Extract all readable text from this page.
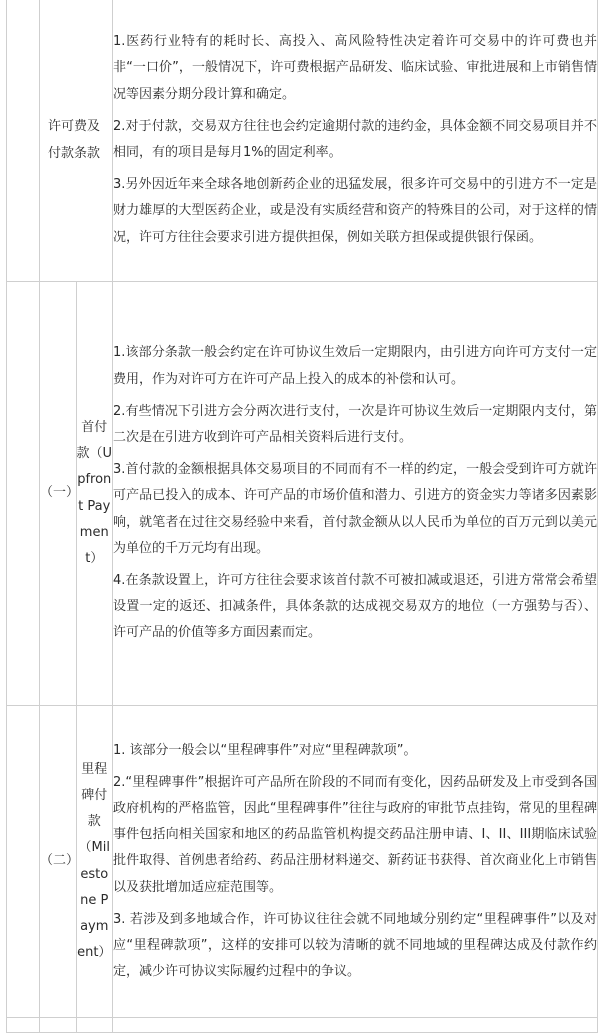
	许可费及付款条款		1.医药行业特有的耗时长、高投入、高风险特性决定着许可交易中的许可费也并非“一口价”，一般情况下，许可费根据产品研发、临床试验、审批进展和上市销售情况等因素分期分段计算和确定。
2.对于付款，交易双方往往也会约定逾期付款的违约金，具体金额不同交易项目并不相同，有的项目是每月1%的固定利率。
3.另外因近年来全球各地创新药企业的迅猛发展，很多许可交易中的引进方不一定是财力雄厚的大型医药企业，或是没有实质经营和资产的特殊目的公司，对于这样的情况，许可方往往会要求引进方提供担保，例如关联方担保或提供银行保函。

	（一）	首付款（Upfront Payment）	1.该部分条款一般会约定在许可协议生效后一定期限内，由引进方向许可方支付一定费用，作为对许可方在许可产品上投入的成本的补偿和认可。
2.有些情况下引进方会分两次进行支付，一次是许可协议生效后一定期限内支付，第二次是在引进方收到许可产品相关资料后进行支付。
3.首付款的金额根据具体交易项目的不同而有不一样的约定，一般会受到许可方就许可产品已投入的成本、许可产品的市场价值和潜力、引进方的资金实力等诸多因素影响，就笔者在过往交易经验中来看，首付款金额从以人民币为单位的百万元到以美元为单位的千万元均有出现。
4.在条款设置上，许可方往往会要求该首付款不可被扣减或退还，引进方常常会希望设置一定的返还、扣减条件，具体条款的达成视交易双方的地位（一方强势与否）、许可产品的价值等多方面因素而定。

	（二）	里程碑付款（Milestone Payment）	1. 该部分一般会以“里程碑事件”对应“里程碑款项”。
2.“里程碑事件”根据许可产品所在阶段的不同而有变化，因药品研发及上市受到各国政府机构的严格监管，因此“里程碑事件”往往与政府的审批节点挂钩，常见的里程碑事件包括向相关国家和地区的药品监管机构提交药品注册申请、I、II、III期临床试验批件取得、首例患者给药、药品注册材料递交、新药证书获得、首次商业化上市销售以及获批增加适应症范围等。
3. 若涉及到多地域合作，许可协议往往会就不同地域分别约定“里程碑事件”以及对应“里程碑款项”，这样的安排可以较为清晰的就不同地域的里程碑达成及付款作约定，减少许可协议实际履约过程中的争议。
